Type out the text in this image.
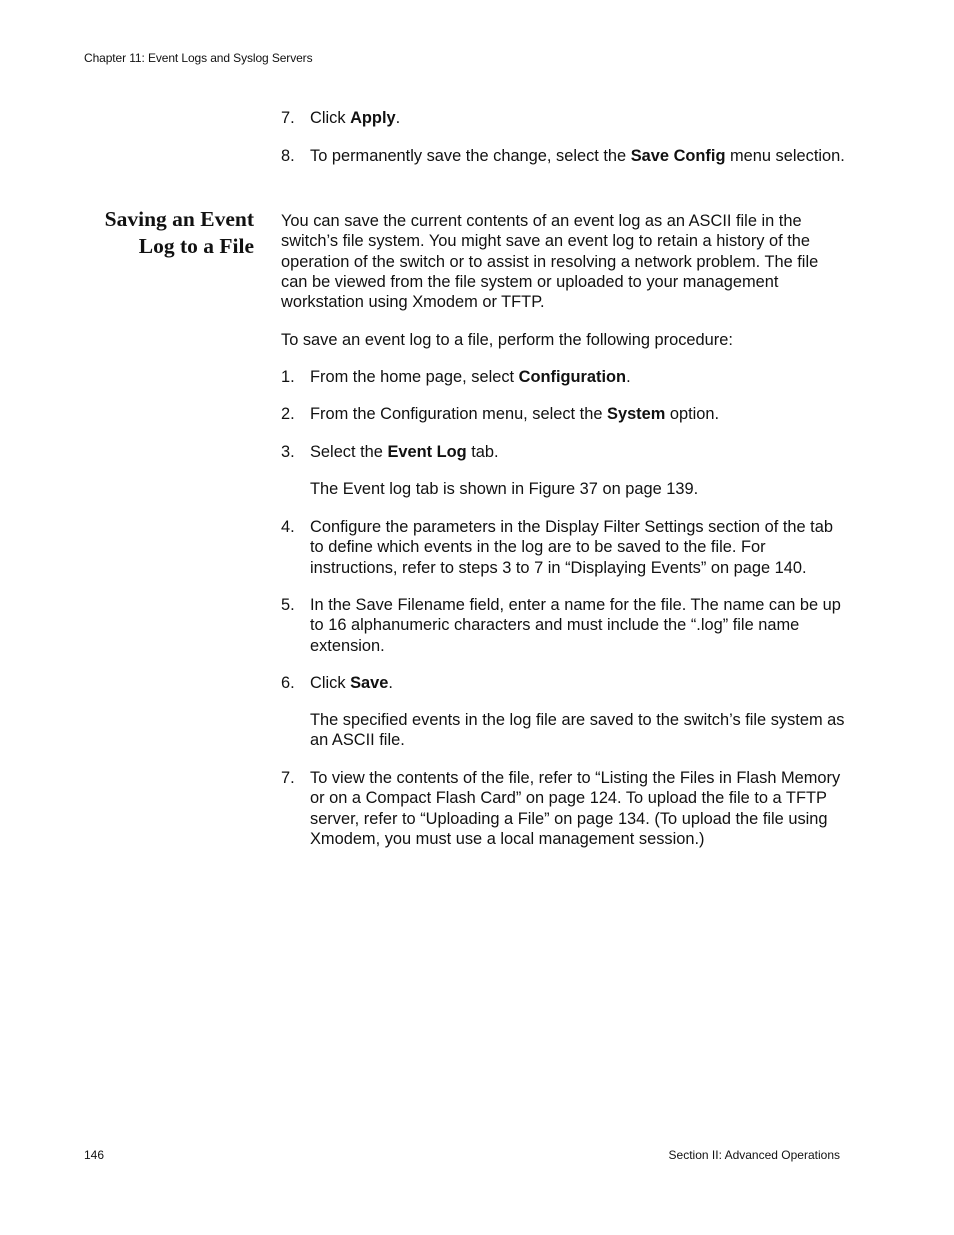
Chapter 11: Event Logs and Syslog Servers
7. Click Apply.
8. To permanently save the change, select the Save Config menu selection.
Saving an Event
Log to a File
You can save the current contents of an event log as an ASCII file in the switch’s file system. You might save an event log to retain a history of the operation of the switch or to assist in resolving a network problem. The file can be viewed from the file system or uploaded to your management workstation using Xmodem or TFTP.
To save an event log to a file, perform the following procedure:
1. From the home page, select Configuration.
2. From the Configuration menu, select the System option.
3. Select the Event Log tab.
The Event log tab is shown in Figure 37 on page 139.
4. Configure the parameters in the Display Filter Settings section of the tab to define which events in the log are to be saved to the file. For instructions, refer to steps 3 to 7 in “Displaying Events” on page 140.
5. In the Save Filename field, enter a name for the file. The name can be up to 16 alphanumeric characters and must include the “.log” file name extension.
6. Click Save.
The specified events in the log file are saved to the switch’s file system as an ASCII file.
7. To view the contents of the file, refer to “Listing the Files in Flash Memory or on a Compact Flash Card” on page 124. To upload the file to a TFTP server, refer to “Uploading a File” on page 134. (To upload the file using Xmodem, you must use a local management session.)
146	Section II: Advanced Operations
